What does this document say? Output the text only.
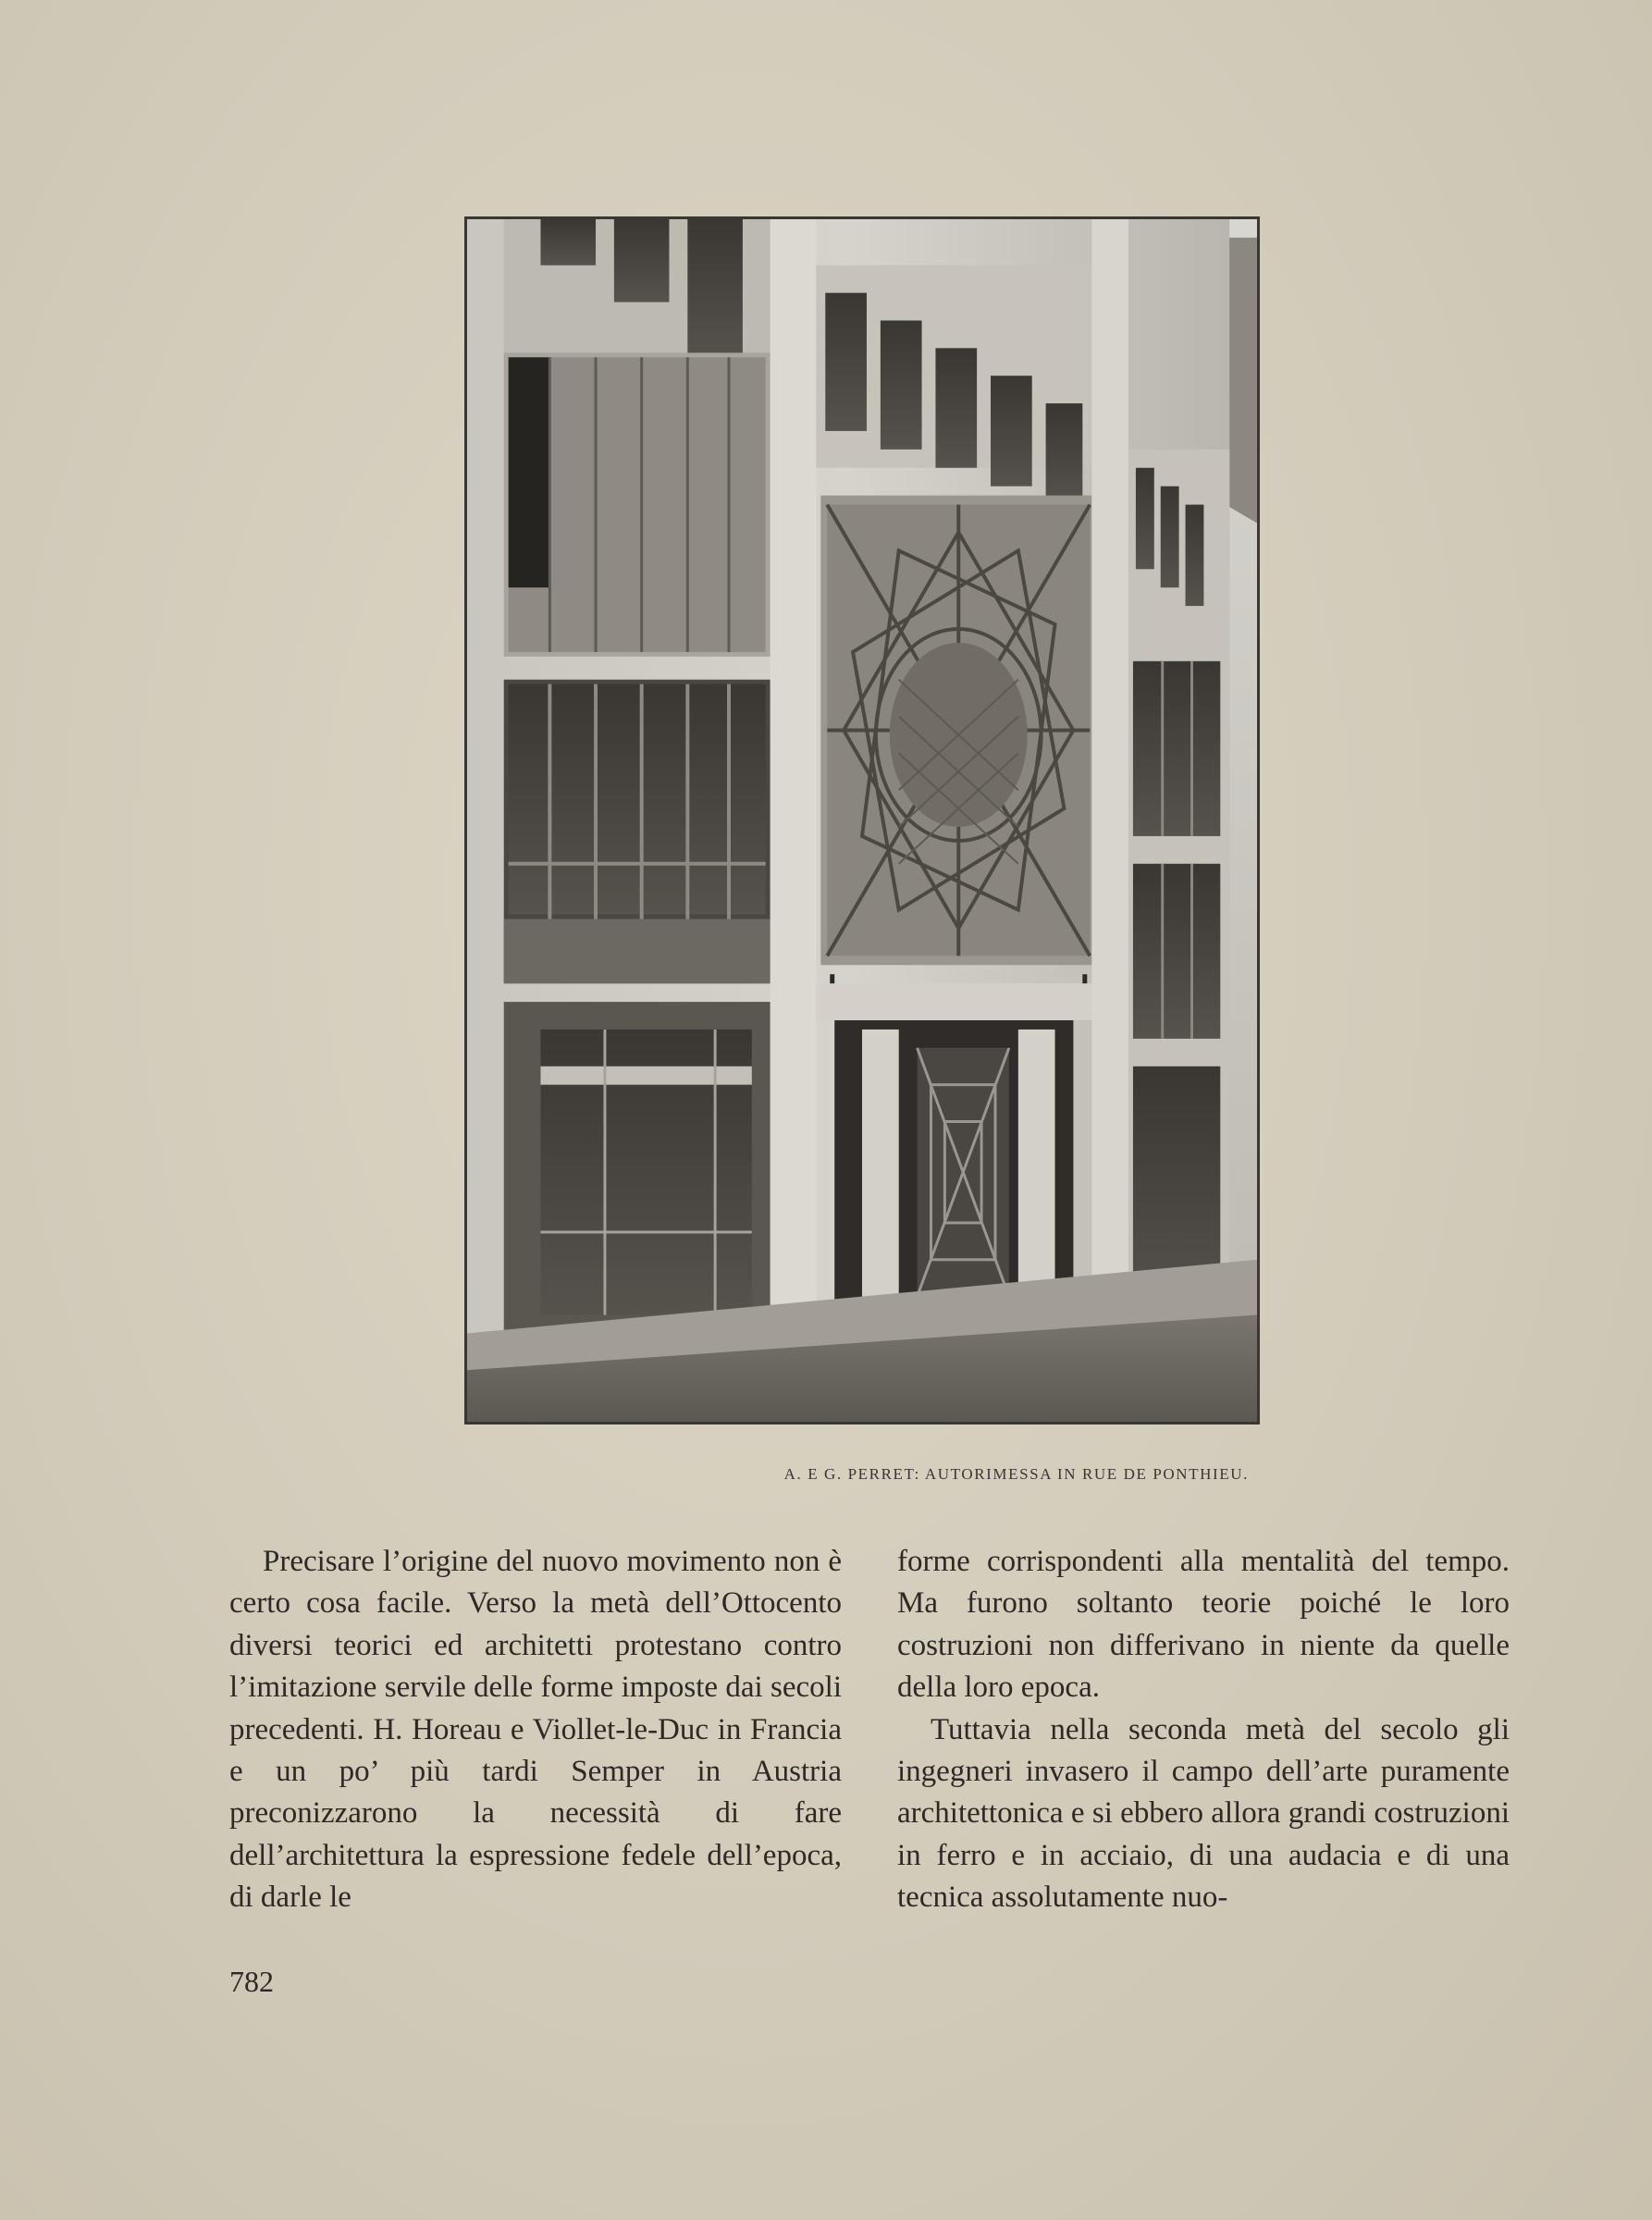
A. E G. PERRET: AUTORIMESSA IN RUE DE PONTHIEU.

Precisare l’origine del nuovo movimento non è certo cosa facile. Verso la metà dell’Ottocento diversi teorici ed architetti protestano contro l’imitazione servile delle forme imposte dai secoli precedenti. H. Horeau e Viollet-le-Duc in Francia e un po’ più tardi Semper in Austria preconizzarono la necessità di fare dell’architettura la espressione fedele dell’epoca, di darle le

forme corrispondenti alla mentalità del tempo. Ma furono soltanto teorie poiché le loro costruzioni non differivano in niente da quelle della loro epoca.

Tuttavia nella seconda metà del secolo gli ingegneri invasero il campo dell’arte puramente architettonica e si ebbero allora grandi costruzioni in ferro e in acciaio, di una audacia e di una tecnica assolutamente nuo-

782
